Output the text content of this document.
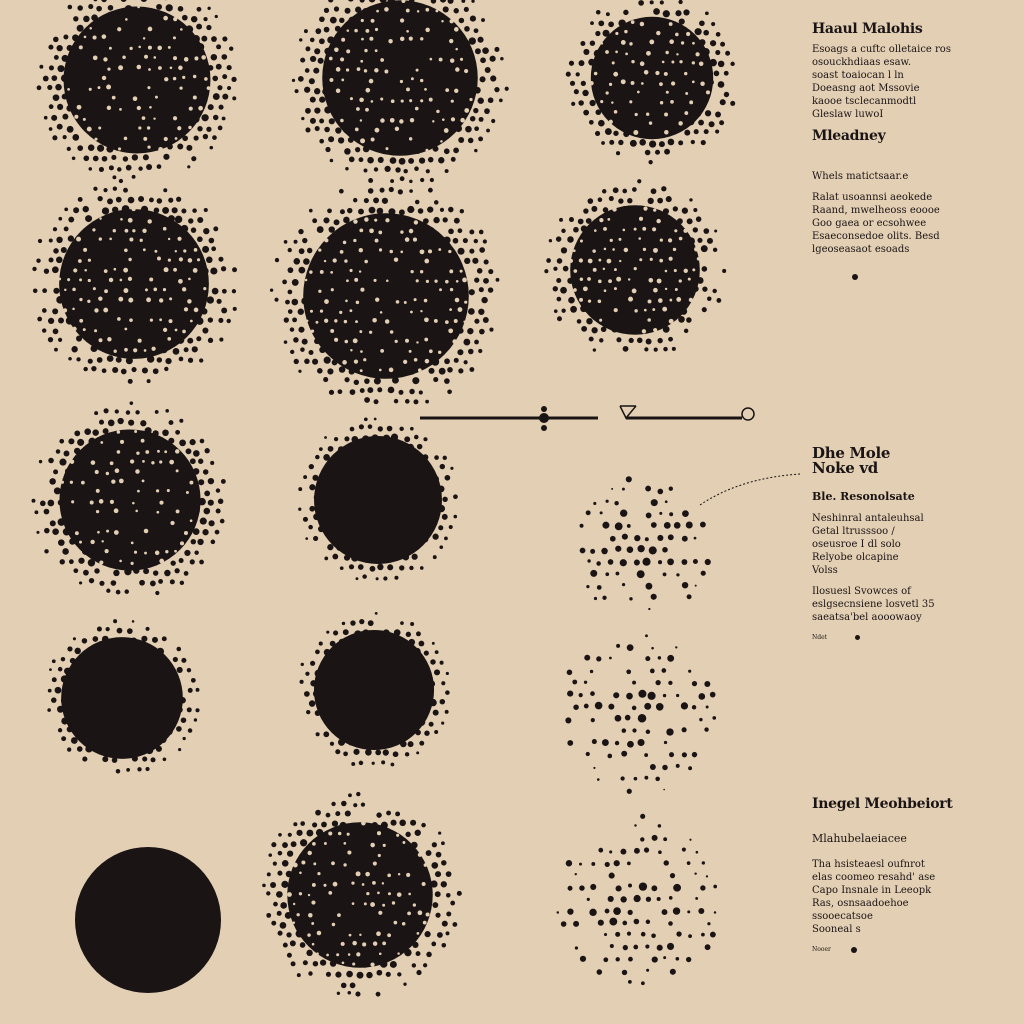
Haaul Malohis
Esoags a cuftc olletaice ros
osouckhdiaas esaw.
soast toaiocan l ln
Doeasng aot Mssovie
kaooe tsclecanmodtl
Gleslaw luwoI
Mleadney
Whels matictsaar.e
Ralat usoannsi aeokede
Raand, mwelheoss eoooe
Goo gaea or ecsohwee
Esaeconsedoe olits. Besd
lgeoseasaot esoads
Dhe Mole
Noke vd
Ble. Resonolsate
Neshinral antaleuhsal
Getal ltrusssoo /
oseusroe I dl solo
Relyobe olcapine
Volss
Ilosuesl Svowces of
eslgsecnsiene losvetl 35
saeatsa'bel aooowaoy
Ndet
Inegel Meohbeiort
Mlahubelaeiacee
Tha hsisteaesl oufnrot
elas coomeo resahd' ase
Capo Insnale in Leeopk
Ras, osnsaadoehoe
ssooecatsoe
Sooneal s
Nooer
